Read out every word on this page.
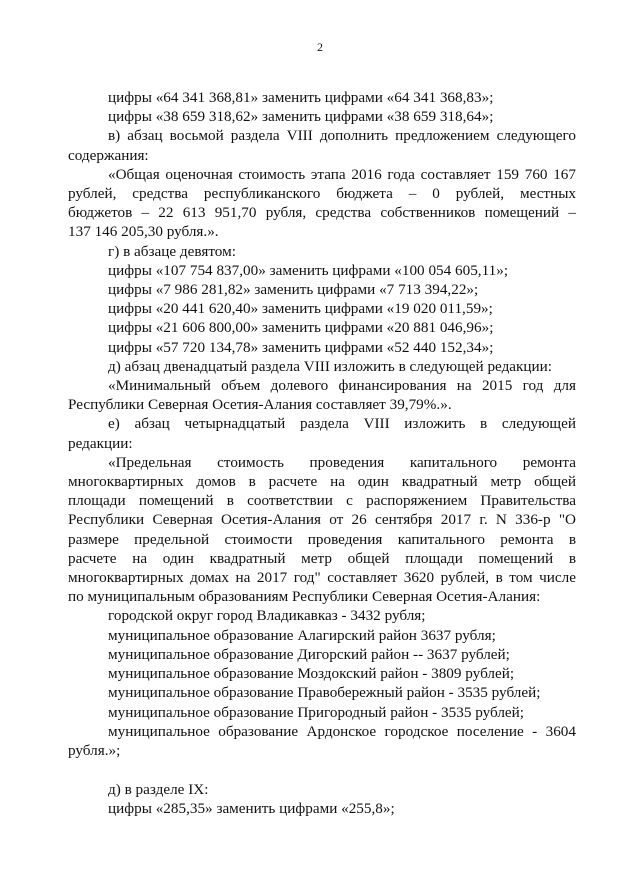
2
цифры «64 341 368,81» заменить цифрами «64 341 368,83»;
цифры «38 659 318,62» заменить цифрами «38 659 318,64»;
в) абзац восьмой раздела VIII дополнить предложением следующего
содержания:
«Общая оценочная стоимость этапа 2016 года составляет 159 760 167
рублей, средства республиканского бюджета – 0 рублей, местных
бюджетов – 22 613 951,70 рубля, средства собственников помещений –
137 146 205,30 рубля.».
г) в абзаце девятом:
цифры «107 754 837,00» заменить цифрами «100 054 605,11»;
цифры «7 986 281,82» заменить цифрами «7 713 394,22»;
цифры «20 441 620,40» заменить цифрами «19 020 011,59»;
цифры «21 606 800,00» заменить цифрами «20 881 046,96»;
цифры «57 720 134,78» заменить цифрами «52 440 152,34»;
д) абзац двенадцатый раздела VIII изложить в следующей редакции:
«Минимальный объем долевого финансирования на 2015 год для
Республики Северная Осетия-Алания составляет 39,79%.».
е) абзац четырнадцатый раздела VIII изложить в следующей
редакции:
«Предельная стоимость проведения капитального ремонта
многоквартирных домов в расчете на один квадратный метр общей
площади помещений в соответствии с распоряжением Правительства
Республики Северная Осетия-Алания от 26 сентября 2017 г. N 336-р "О
размере предельной стоимости проведения капитального ремонта в
расчете на один квадратный метр общей площади помещений в
многоквартирных домах на 2017 год" составляет 3620 рублей, в том числе
по муниципальным образованиям Республики Северная Осетия-Алания:
городской округ город Владикавказ - 3432 рубля;
муниципальное образование Алагирский район 3637 рубля;
муниципальное образование Дигорский район -- 3637 рублей;
муниципальное образование Моздокский район - 3809 рублей;
муниципальное образование Правобережный район - 3535 рублей;
муниципальное образование Пригородный район - 3535 рублей;
муниципальное образование Ардонское городское поселение - 3604
рубля.»;
д) в разделе IX:
цифры «285,35» заменить цифрами «255,8»;
